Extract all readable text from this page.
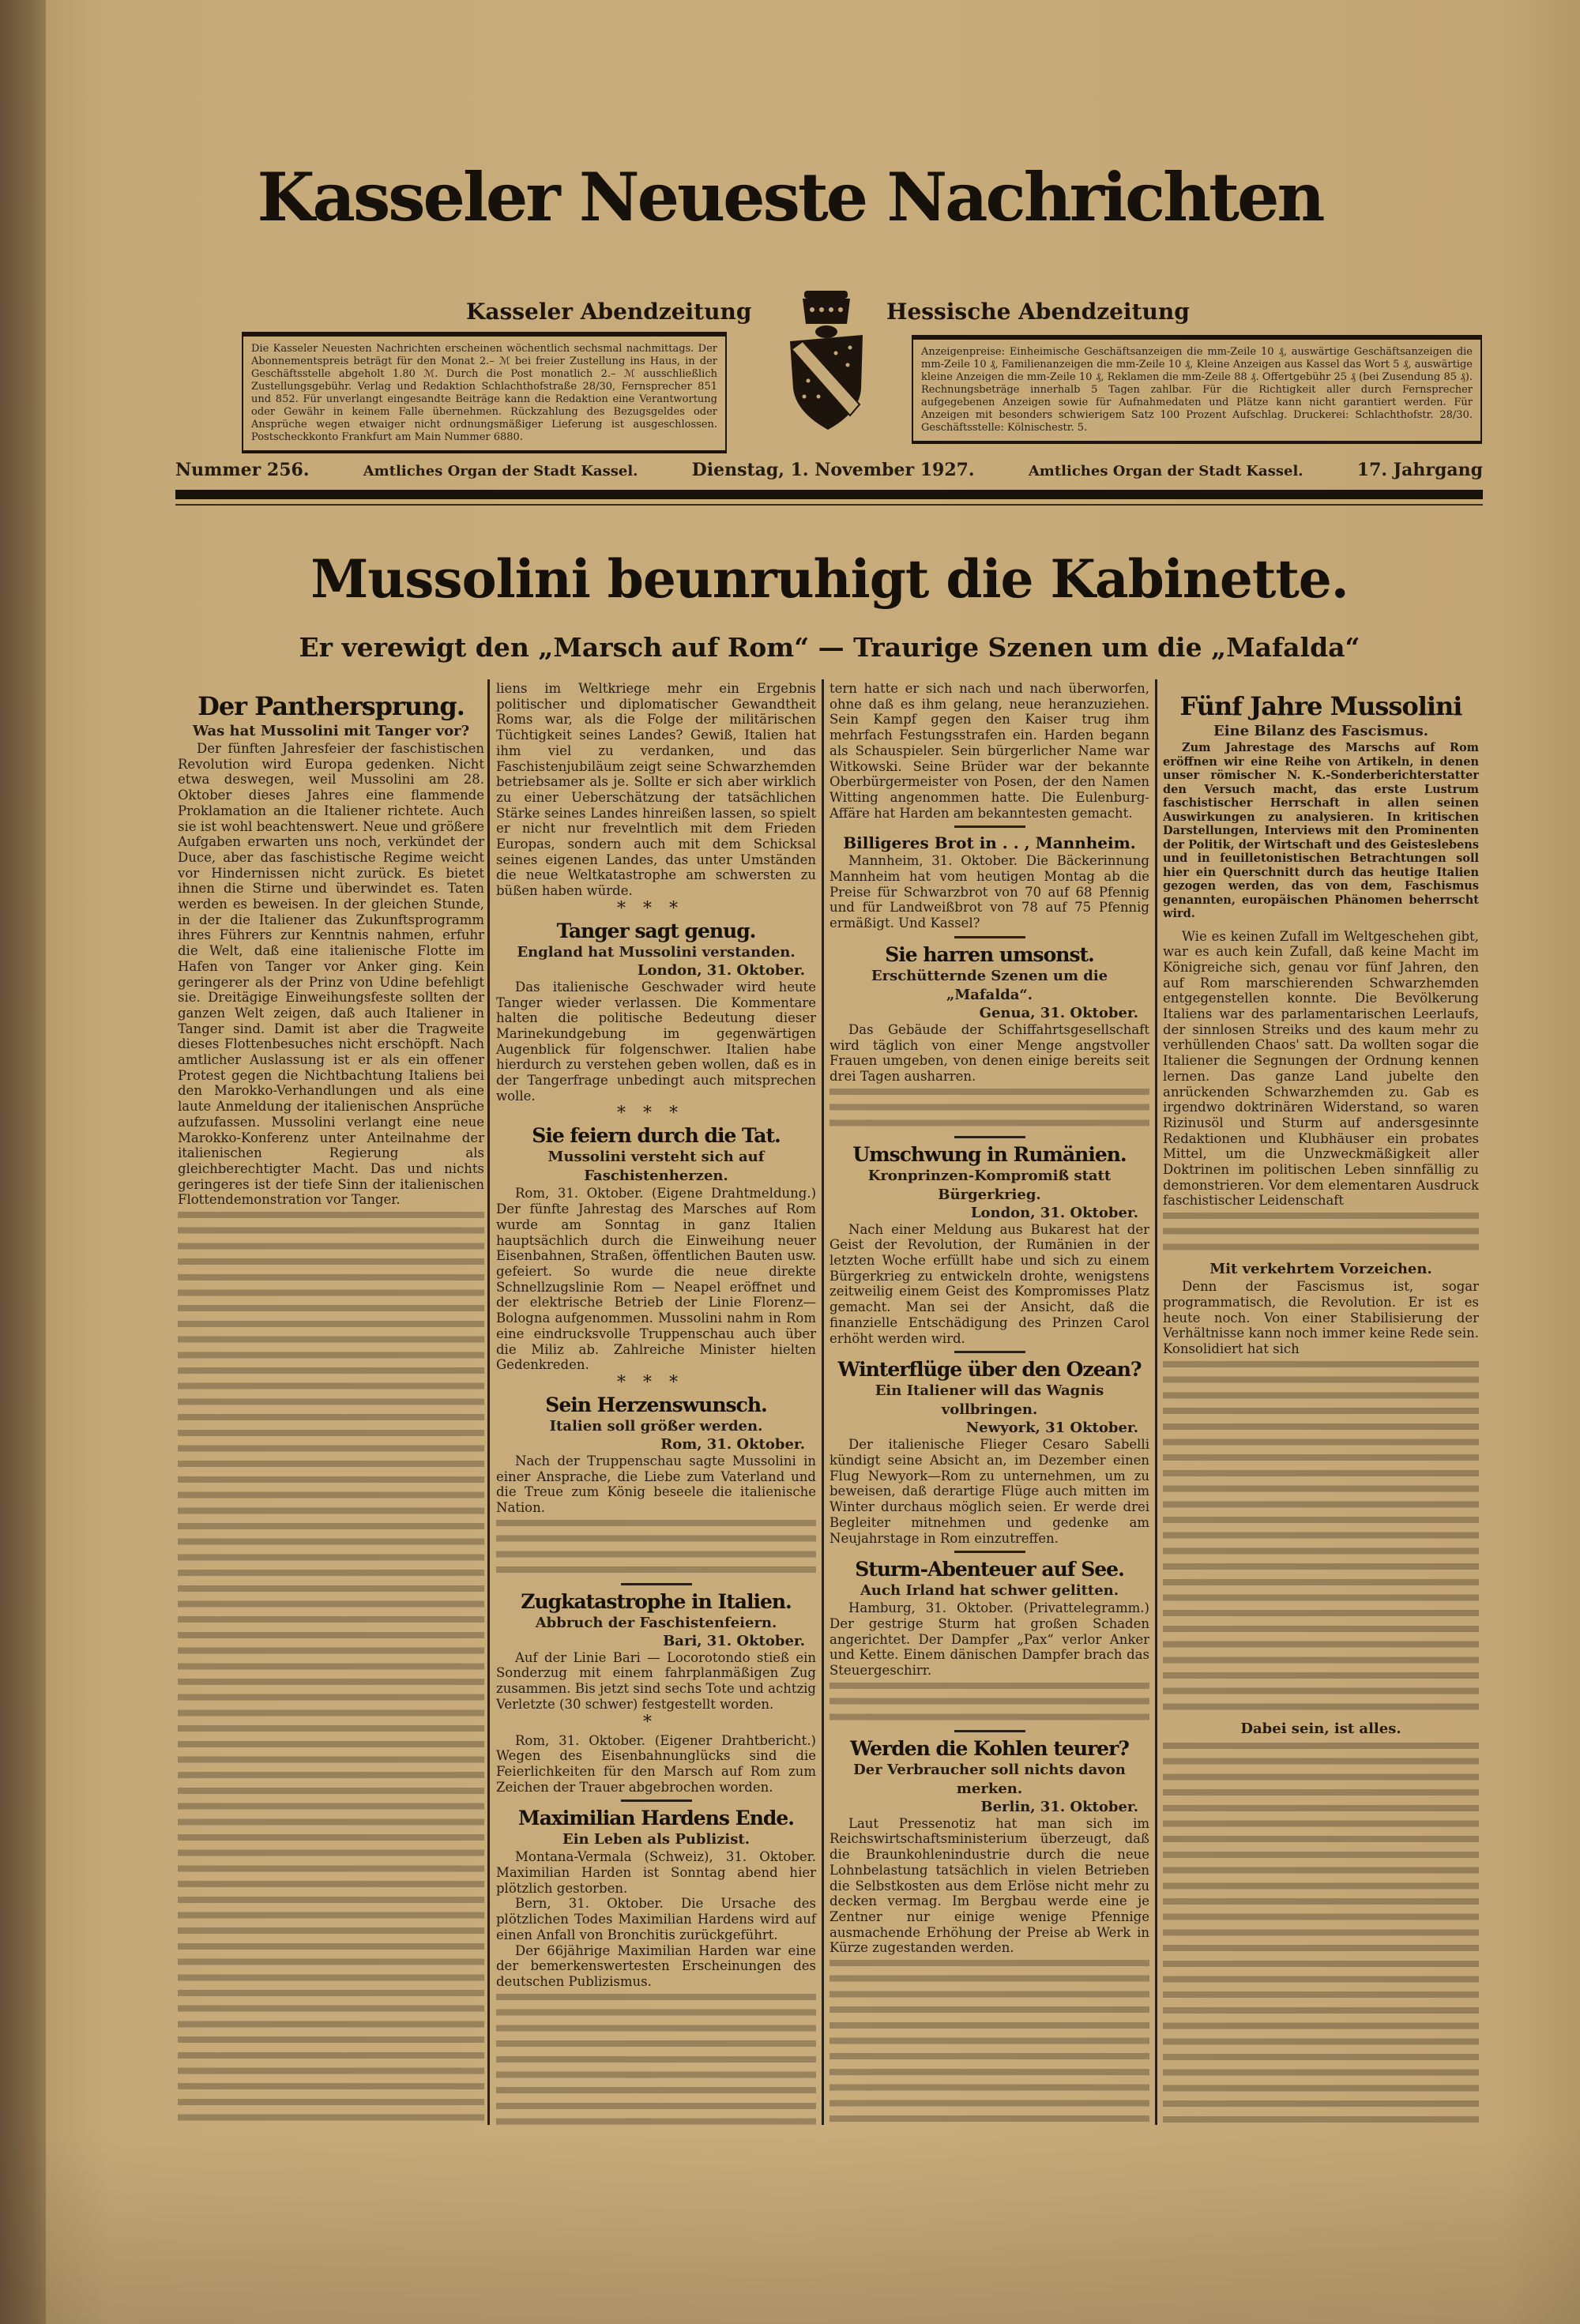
Kasseler Neueste Nachrichten
Kasseler Abendzeitung	Hessische Abendzeitung
Die Kasseler Neuesten Nachrichten erscheinen wöchentlich sechsmal nachmittags. Der Abonnementspreis beträgt für den Monat 2.– ℳ bei freier Zustellung ins Haus, in der Geschäftsstelle abgeholt 1.80 ℳ. Durch die Post monatlich 2.– ℳ ausschließlich Zustellungsgebühr. Verlag und Redaktion Schlachthofstraße 28/30, Fernsprecher 851 und 852. Für unverlangt eingesandte Beiträge kann die Redaktion eine Verantwortung oder Gewähr in keinem Falle übernehmen. Rückzahlung des Bezugsgeldes oder Ansprüche wegen etwaiger nicht ordnungsmäßiger Lieferung ist ausgeschlossen. Postscheckkonto Frankfurt am Main Nummer 6880.
Anzeigenpreise: Einheimische Geschäftsanzeigen die mm-Zeile 10 ₰, auswärtige Geschäftsanzeigen die mm-Zeile 10 ₰, Familienanzeigen die mm-Zeile 10 ₰, Kleine Anzeigen aus Kassel das Wort 5 ₰, auswärtige kleine Anzeigen die mm-Zeile 10 ₰, Reklamen die mm-Zeile 88 ₰. Offertgebühr 25 ₰ (bei Zusendung 85 ₰). Rechnungsbeträge innerhalb 5 Tagen zahlbar. Für die Richtigkeit aller durch Fernsprecher aufgegebenen Anzeigen sowie für Aufnahmedaten und Plätze kann nicht garantiert werden. Für Anzeigen mit besonders schwierigem Satz 100 Prozent Aufschlag. Druckerei: Schlachthofstr. 28/30. Geschäftsstelle: Kölnischestr. 5.
Nummer 256.	Amtliches Organ der Stadt Kassel.	Dienstag, 1. November 1927.	Amtliches Organ der Stadt Kassel.	17. Jahrgang
Mussolini beunruhigt die Kabinette.
Er verewigt den „Marsch auf Rom“ — Traurige Szenen um die „Mafalda“
Der Panthersprung.
Was hat Mussolini mit Tanger vor?

Der fünften Jahresfeier der faschistischen Revolution wird Europa gedenken. Nicht etwa deswegen, weil Mussolini am 28. Oktober dieses Jahres eine flammende Proklamation an die Italiener richtete. Auch sie ist wohl beachtenswert. Neue und größere Aufgaben erwarten uns noch, verkündet der Duce, aber das faschistische Regime weicht vor Hindernissen nicht zurück. Es bietet ihnen die Stirne und überwindet es. Taten werden es beweisen. In der gleichen Stunde, in der die Italiener das Zukunftsprogramm ihres Führers zur Kenntnis nahmen, erfuhr die Welt, daß eine italienische Flotte im Hafen von Tanger vor Anker ging. Kein geringerer als der Prinz von Udine befehligt sie. Dreitägige Einweihungsfeste sollten der ganzen Welt zeigen, daß auch Italiener in Tanger sind. Damit ist aber die Tragweite dieses Flottenbesuches nicht erschöpft. Nach amtlicher Auslassung ist er als ein offener Protest gegen die Nichtbachtung Italiens bei den Marokko-Verhandlungen und als eine laute Anmeldung der italienischen Ansprüche aufzufassen. Mussolini verlangt eine neue Marokko-Konferenz unter Anteilnahme der italienischen Regierung als gleichberechtigter Macht. Das und nichts geringeres ist der tiefe Sinn der italienischen Flottendemonstration vor Tanger.

liens im Weltkriege mehr ein Ergebnis politischer und diplomatischer Gewandtheit Roms war, als die Folge der militärischen Tüchtigkeit seines Landes? Gewiß, Italien hat ihm viel zu verdanken, und das Faschistenjubiläum zeigt seine Schwarzhemden betriebsamer als je. Sollte er sich aber wirklich zu einer Ueberschätzung der tatsächlichen Stärke seines Landes hinreißen lassen, so spielt er nicht nur frevelntlich mit dem Frieden Europas, sondern auch mit dem Schicksal seines eigenen Landes, das unter Umständen die neue Weltkatastrophe am schwersten zu büßen haben würde.

***
Tanger sagt genug.
England hat Mussolini verstanden.
London, 31. Oktober.

Das italienische Geschwader wird heute Tanger wieder verlassen. Die Kommentare halten die politische Bedeutung dieser Marinekundgebung im gegenwärtigen Augenblick für folgenschwer. Italien habe hierdurch zu verstehen geben wollen, daß es in der Tangerfrage unbedingt auch mitsprechen wolle.

***
Sie feiern durch die Tat.
Mussolini versteht sich auf Faschistenherzen.

Rom, 31. Oktober. (Eigene Drahtmeldung.) Der fünfte Jahrestag des Marsches auf Rom wurde am Sonntag in ganz Italien hauptsächlich durch die Einweihung neuer Eisenbahnen, Straßen, öffentlichen Bauten usw. gefeiert. So wurde die neue direkte Schnellzugslinie Rom — Neapel eröffnet und der elektrische Betrieb der Linie Florenz—Bologna aufgenommen. Mussolini nahm in Rom eine eindrucksvolle Truppenschau auch über die Miliz ab. Zahlreiche Minister hielten Gedenkreden.

***
Sein Herzenswunsch.
Italien soll größer werden.
Rom, 31. Oktober.

Nach der Truppenschau sagte Mussolini in einer Ansprache, die Liebe zum Vaterland und die Treue zum König beseele die italienische Nation.

Zugkatastrophe in Italien.
Abbruch der Faschistenfeiern.
Bari, 31. Oktober.

Auf der Linie Bari — Locorotondo stieß ein Sonderzug mit einem fahrplanmäßigen Zug zusammen. Bis jetzt sind sechs Tote und achtzig Verletzte (30 schwer) festgestellt worden.

*

Rom, 31. Oktober. (Eigener Drahtbericht.) Wegen des Eisenbahnunglücks sind die Feierlichkeiten für den Marsch auf Rom zum Zeichen der Trauer abgebrochen worden.

Maximilian Hardens Ende.
Ein Leben als Publizist.

Montana-Vermala (Schweiz), 31. Oktober. Maximilian Harden ist Sonntag abend hier plötzlich gestorben.

Bern, 31. Oktober. Die Ursache des plötzlichen Todes Maximilian Hardens wird auf einen Anfall von Bronchitis zurückgeführt.

Der 66jährige Maximilian Harden war eine der bemerkenswertesten Erscheinungen des deutschen Publizismus.

tern hatte er sich nach und nach überworfen, ohne daß es ihm gelang, neue heranzuziehen. Sein Kampf gegen den Kaiser trug ihm mehrfach Festungsstrafen ein. Harden begann als Schauspieler. Sein bürgerlicher Name war Witkowski. Seine Brüder war der bekannte Oberbürgermeister von Posen, der den Namen Witting angenommen hatte. Die Eulenburg-Affäre hat Harden am bekanntesten gemacht.

Billigeres Brot in . . , Mannheim.

Mannheim, 31. Oktober. Die Bäckerinnung Mannheim hat vom heutigen Montag ab die Preise für Schwarzbrot von 70 auf 68 Pfennig und für Landweißbrot von 78 auf 75 Pfennig ermäßigt. Und Kassel?

Sie harren umsonst.
Erschütternde Szenen um die „Mafalda“.
Genua, 31. Oktober.

Das Gebäude der Schiffahrtsgesellschaft wird täglich von einer Menge angstvoller Frauen umgeben, von denen einige bereits seit drei Tagen ausharren.

Umschwung in Rumänien.
Kronprinzen-Kompromiß statt Bürgerkrieg.
London, 31. Oktober.

Nach einer Meldung aus Bukarest hat der Geist der Revolution, der Rumänien in der letzten Woche erfüllt habe und sich zu einem Bürgerkrieg zu entwickeln drohte, wenigstens zeitweilig einem Geist des Kompromisses Platz gemacht. Man sei der Ansicht, daß die finanzielle Entschädigung des Prinzen Carol erhöht werden wird.

Winterflüge über den Ozean?
Ein Italiener will das Wagnis vollbringen.
Newyork, 31 Oktober.

Der italienische Flieger Cesaro Sabelli kündigt seine Absicht an, im Dezember einen Flug Newyork—Rom zu unternehmen, um zu beweisen, daß derartige Flüge auch mitten im Winter durchaus möglich seien. Er werde drei Begleiter mitnehmen und gedenke am Neujahrstage in Rom einzutreffen.

Sturm-Abenteuer auf See.
Auch Irland hat schwer gelitten.

Hamburg, 31. Oktober. (Privattelegramm.) Der gestrige Sturm hat großen Schaden angerichtet. Der Dampfer „Pax“ verlor Anker und Kette. Einem dänischen Dampfer brach das Steuergeschirr.

Werden die Kohlen teurer?
Der Verbraucher soll nichts davon merken.
Berlin, 31. Oktober.

Laut Pressenotiz hat man sich im Reichswirtschaftsministerium überzeugt, daß die Braunkohlenindustrie durch die neue Lohnbelastung tatsächlich in vielen Betrieben die Selbstkosten aus dem Erlöse nicht mehr zu decken vermag. Im Bergbau werde eine je Zentner nur einige wenige Pfennige ausmachende Erhöhung der Preise ab Werk in Kürze zugestanden werden.

Fünf Jahre Mussolini
Eine Bilanz des Fascismus.

Zum Jahrestage des Marschs auf Rom eröffnen wir eine Reihe von Artikeln, in denen unser römischer N. K.-Sonderberichterstatter den Versuch macht, das erste Lustrum faschistischer Herrschaft in allen seinen Auswirkungen zu analysieren. In kritischen Darstellungen, Interviews mit den Prominenten der Politik, der Wirtschaft und des Geisteslebens und in feuilletonistischen Betrachtungen soll hier ein Querschnitt durch das heutige Italien gezogen werden, das von dem, Faschismus genannten, europäischen Phänomen beherrscht wird.

Wie es keinen Zufall im Weltgeschehen gibt, war es auch kein Zufall, daß keine Macht im Königreiche sich, genau vor fünf Jahren, den auf Rom marschierenden Schwarzhemden entgegenstellen konnte. Die Bevölkerung Italiens war des parlamentarischen Leerlaufs, der sinnlosen Streiks und des kaum mehr zu verhüllenden Chaos' satt. Da wollten sogar die Italiener die Segnungen der Ordnung kennen lernen. Das ganze Land jubelte den anrückenden Schwarzhemden zu. Gab es irgendwo doktrinären Widerstand, so waren Rizinusöl und Sturm auf andersgesinnte Redaktionen und Klubhäuser ein probates Mittel, um die Unzweckmäßigkeit aller Doktrinen im politischen Leben sinnfällig zu demonstrieren. Vor dem elementaren Ausdruck faschistischer Leidenschaft

Mit verkehrtem Vorzeichen.

Denn der Fascismus ist, sogar programmatisch, die Revolution. Er ist es heute noch. Von einer Stabilisierung der Verhältnisse kann noch immer keine Rede sein. Konsolidiert hat sich

Dabei sein, ist alles.
